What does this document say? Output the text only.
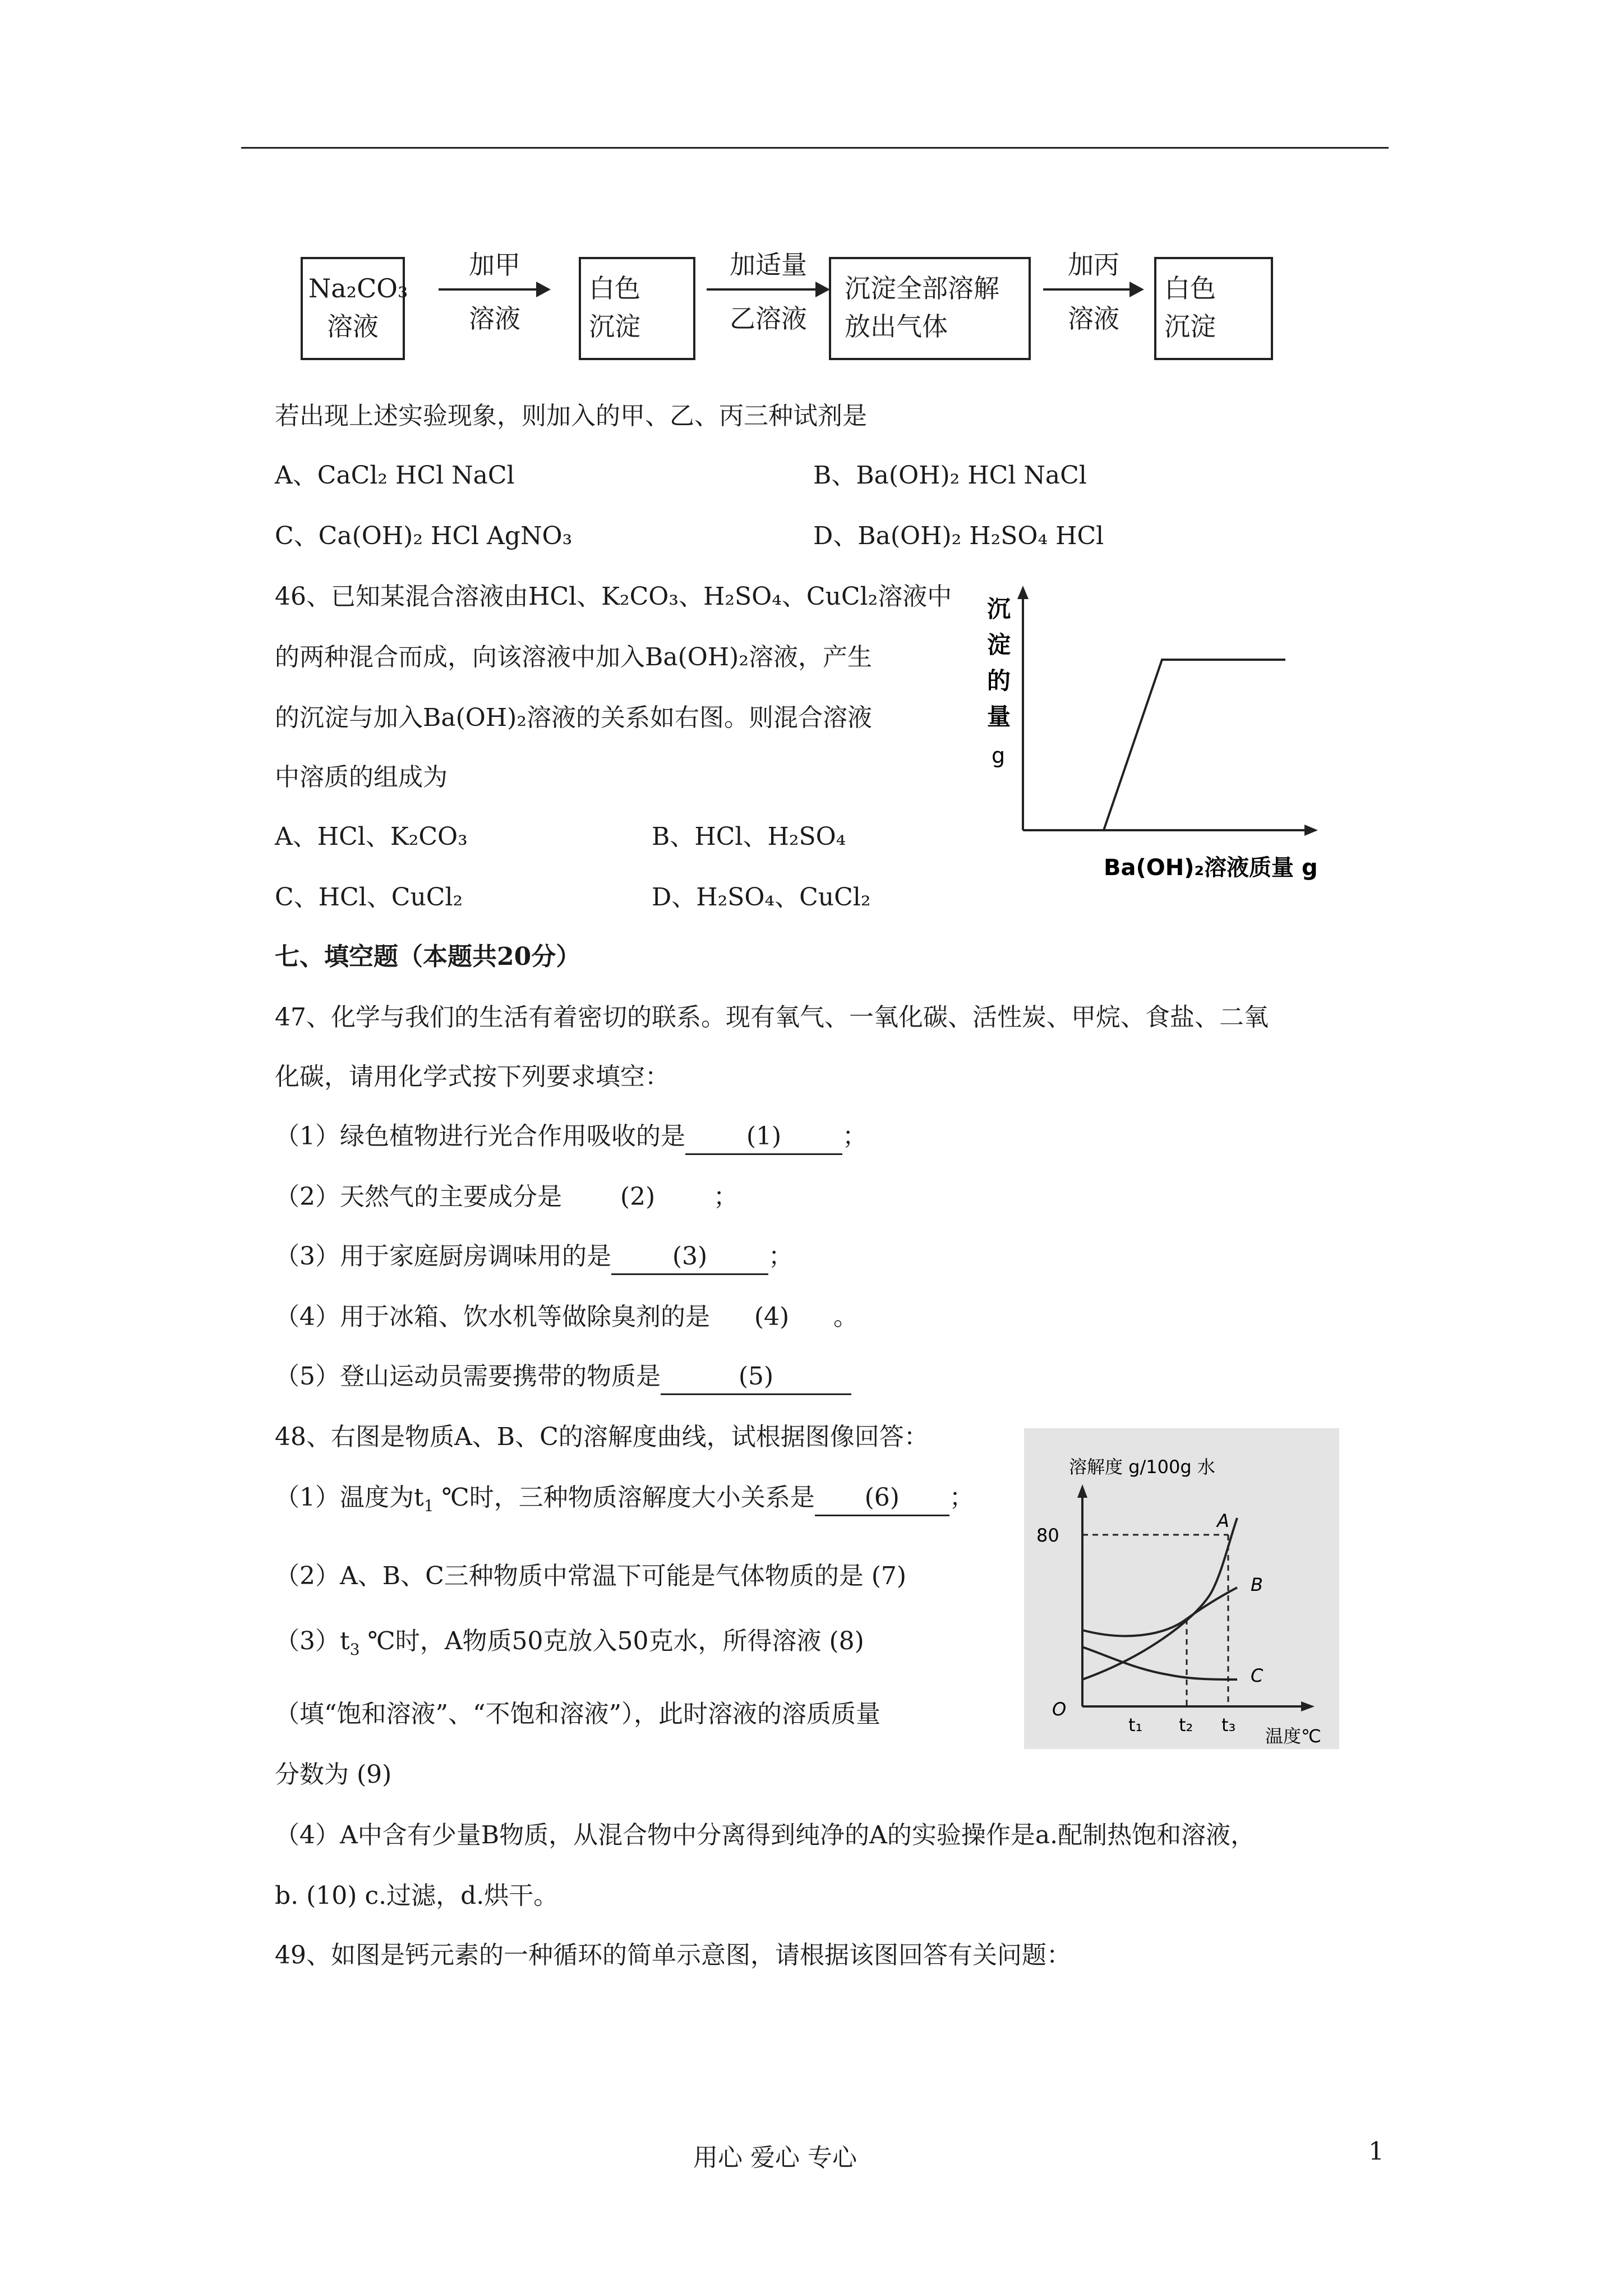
Na₂CO₃
溶液
加甲
溶液
白色
沉淀
加适量
乙溶液
沉淀全部溶解
放出气体
加丙
溶液
白色
沉淀
若出现上述实验现象，则加入的甲、乙、丙三种试剂是
A、CaCl₂ HCl NaCl	B、Ba(OH)₂ HCl NaCl
C、Ca(OH)₂ HCl AgNO₃	D、Ba(OH)₂ H₂SO₄ HCl
46、已知某混合溶液由HCl、K₂CO₃、H₂SO₄、CuCl₂溶液中
的两种混合而成，向该溶液中加入Ba(OH)₂溶液，产生
的沉淀与加入Ba(OH)₂溶液的关系如右图。则混合溶液
中溶质的组成为
A、HCl、K₂CO₃	B、HCl、H₂SO₄
C、HCl、CuCl₂	D、H₂SO₄、CuCl₂
沉
淀
的
量
g
Ba(OH)₂溶液质量 g
七、填空题（本题共20分）
47、化学与我们的生活有着密切的联系。现有氧气、一氧化碳、活性炭、甲烷、食盐、二氧
化碳，请用化学式按下列要求填空：
（1）绿色植物进行光合作用吸收的是 (1) ；
（2）天然气的主要成分是 (2) ；
（3）用于家庭厨房调味用的是 (3) ；
（4）用于冰箱、饮水机等做除臭剂的是 (4) 。
（5）登山运动员需要携带的物质是	(5)
48、右图是物质A、B、C的溶解度曲线，试根据图像回答：
（1）温度为$t_1$ ℃时，三种物质溶解度大小关系是 (6) ；
（2）A、B、C三种物质中常温下可能是气体物质的是 (7)
$(3)t_3$ ℃时，A物质50克放入50克水，所得溶液 (8)
（填“饱和溶液”、“不饱和溶液”），此时溶液的溶质质量
分数为 (9)
（4）A中含有少量B物质，从混合物中分离得到纯净的A的实验操作是a.配制热饱和溶液，
b. (10) c.过滤，d.烘干。
溶解度 g/100g 水
80
A
B
C
O
t₁ t₂ t₃
温度℃
49、如图是钙元素的一种循环的简单示意图，请根据该图回答有关问题：
用心 爱心 专心	1
